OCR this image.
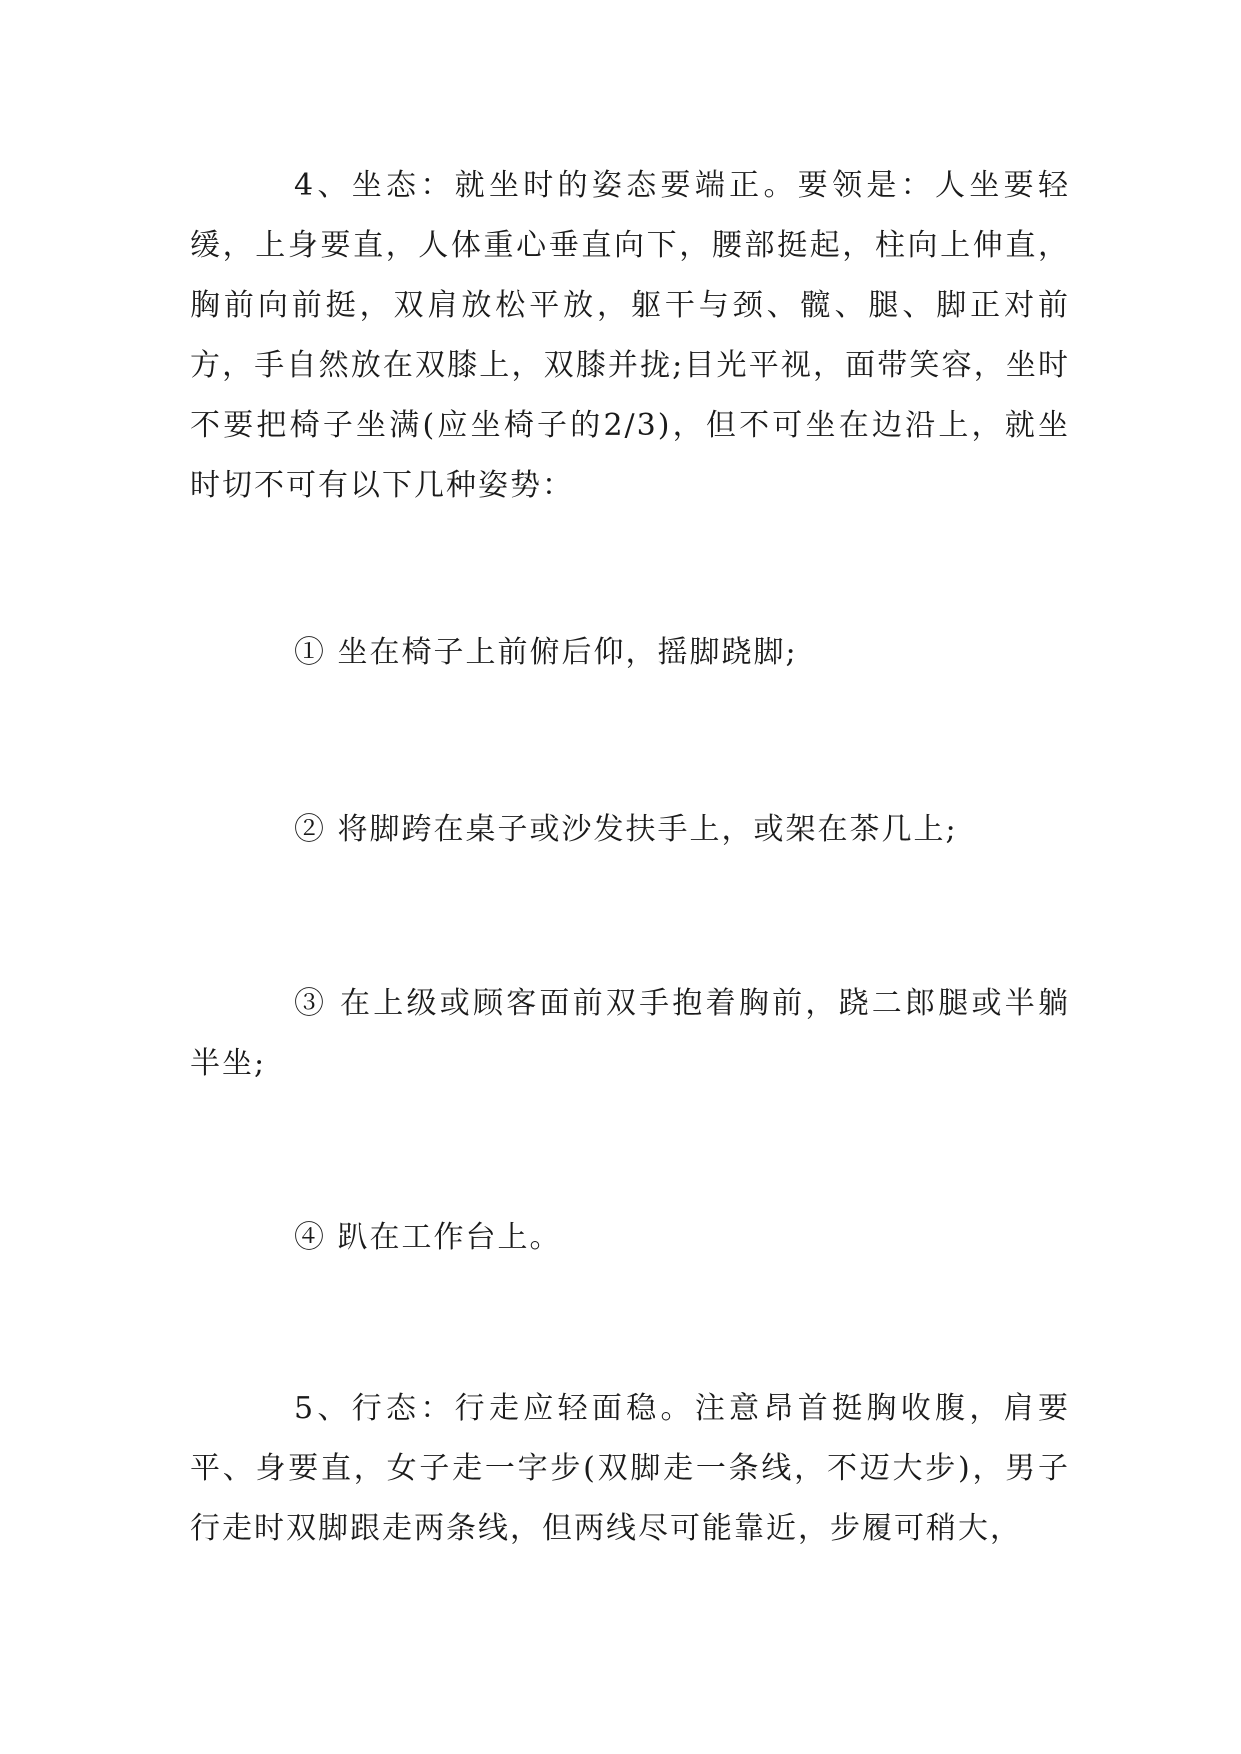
4、坐态：就坐时的姿态要端正。要领是：人坐要轻缓，上身要直，人体重心垂直向下，腰部挺起，柱向上伸直，胸前向前挺，双肩放松平放，躯干与颈、髋、腿、脚正对前方，手自然放在双膝上，双膝并拢;目光平视，面带笑容，坐时不要把椅子坐满(应坐椅子的2/3)，但不可坐在边沿上，就坐时切不可有以下几种姿势：

① 坐在椅子上前俯后仰，摇脚跷脚;

② 将脚跨在桌子或沙发扶手上，或架在茶几上;

③ 在上级或顾客面前双手抱着胸前，跷二郎腿或半躺半坐;

④ 趴在工作台上。

5、行态：行走应轻面稳。注意昂首挺胸收腹，肩要平、身要直，女子走一字步(双脚走一条线，不迈大步)，男子行走时双脚跟走两条线，但两线尽可能靠近，步履可稍大，
